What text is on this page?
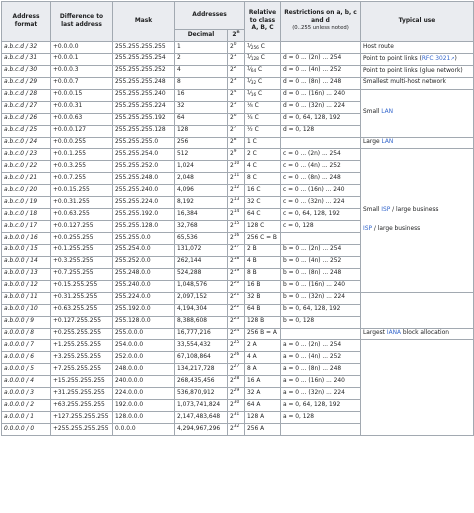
Address format	Difference to last address	Mask	Addresses		Relative to class A, B, C	Restrictions on a, b, c and d
(0..255 unless noted)	Typical use
			Decimal	2$^n$
a.b.c.d / 32	+0.0.0.0	255.255.255.255	1	$2^0$	$^1⁄_{256}$ C		Host route
a.b.c.d / 31	+0.0.0.1	255.255.255.254	2	$2^1$	$^1⁄_{128}$ C	d = 0 ... (2n) ... 254	Point to point links (RFC 3021↗)
a.b.c.d / 30	+0.0.0.3	255.255.255.252	4	$2^2$	$^1⁄_{64}$ C	d = 0 ... (4n) ... 252	Point to point links (glue network)
a.b.c.d / 29	+0.0.0.7	255.255.255.248	8	$2^3$	$^1⁄_{32}$ C	d = 0 ... (8n) ... 248	Smallest multi-host network
a.b.c.d / 28	+0.0.0.15	255.255.255.240	16	$2^4$	$^1⁄_{16}$ C	d = 0 ... (16n) ... 240	Small LAN
a.b.c.d / 27	+0.0.0.31	255.255.255.224	32	$2^5$	⅛ C	d = 0 ... (32n) ... 224	
a.b.c.d / 26	+0.0.0.63	255.255.255.192	64	$2^6$	¼ C	d = 0, 64, 128, 192	
a.b.c.d / 25	+0.0.0.127	255.255.255.128	128	$2^7$	½ C	d = 0, 128	
a.b.c.0 / 24	+0.0.0.255	255.255.255.0	256	$2^8$	1 C		Large LAN

a.b.c.0 / 23	+0.0.1.255	255.255.254.0	512	$2^9$	2 C	c = 0 ... (2n) ... 254	Small ISP / large business
ISP / large business

a.b.c.0 / 22	+0.0.3.255	255.255.252.0	1,024	$2^{10}$	4 C	c = 0 ... (4n) ... 252	
a.b.c.0 / 21	+0.0.7.255	255.255.248.0	2,048	$2^{11}$	8 C	c = 0 ... (8n) ... 248	
a.b.c.0 / 20	+0.0.15.255	255.255.240.0	4,096	$2^{12}$	16 C	c = 0 ... (16n) ... 240	
a.b.c.0 / 19	+0.0.31.255	255.255.224.0	8,192	$2^{13}$	32 C	c = 0 ... (32n) ... 224	
a.b.c.0 / 18	+0.0.63.255	255.255.192.0	16,384	$2^{14}$	64 C	c = 0, 64, 128, 192	
a.b.c.0 / 17	+0.0.127.255	255.255.128.0	32,768	$2^{15}$	128 C	c = 0, 128	
a.b.0.0 / 16	+0.0.255.255	255.255.0.0	65,536	$2^{16}$	256 C = B		
a.b.0.0 / 15	+0.1.255.255	255.254.0.0	131,072	$2^{17}$	2 B	b = 0 ... (2n) ... 254	
a.b.0.0 / 14	+0.3.255.255	255.252.0.0	262,144	$2^{18}$	4 B	b = 0 ... (4n) ... 252	
a.b.0.0 / 13	+0.7.255.255	255.248.0.0	524,288	$2^{19}$	8 B	b = 0 ... (8n) ... 248	
a.b.0.0 / 12	+0.15.255.255	255.240.0.0	1,048,576	$2^{20}$	16 B	b = 0 ... (16n) ... 240	
a.b.0.0 / 11	+0.31.255.255	255.224.0.0	2,097,152	$2^{21}$	32 B	b = 0 ... (32n) ... 224	
a.b.0.0 / 10	+0.63.255.255	255.192.0.0	4,194,304	$2^{22}$	64 B	b = 0, 64, 128, 192	
a.b.0.0 / 9	+0.127.255.255	255.128.0.0	8,388,608	$2^{23}$	128 B	b = 0, 128	
a.0.0.0 / 8	+0.255.255.255	255.0.0.0	16,777,216	$2^{24}$	256 B = A		Largest IANA block allocation
a.0.0.0 / 7	+1.255.255.255	254.0.0.0	33,554,432	$2^{25}$	2 A	a = 0 ... (2n) ... 254	
a.0.0.0 / 6	+3.255.255.255	252.0.0.0	67,108,864	$2^{26}$	4 A	a = 0 ... (4n) ... 252	
a.0.0.0 / 5	+7.255.255.255	248.0.0.0	134,217,728	$2^{27}$	8 A	a = 0 ... (8n) ... 248	
a.0.0.0 / 4	+15.255.255.255	240.0.0.0	268,435,456	$2^{28}$	16 A	a = 0 ... (16n) ... 240	
a.0.0.0 / 3	+31.255.255.255	224.0.0.0	536,870,912	$2^{29}$	32 A	a = 0 ... (32n) ... 224	
a.0.0.0 / 2	+63.255.255.255	192.0.0.0	1,073,741,824	$2^{30}$	64 A	a = 0, 64, 128, 192	
a.0.0.0 / 1	+127.255.255.255	128.0.0.0	2,147,483,648	$2^{31}$	128 A	a = 0, 128	
0.0.0.0 / 0	+255.255.255.255	0.0.0.0	4,294,967,296	$2^{32}$	256 A		
